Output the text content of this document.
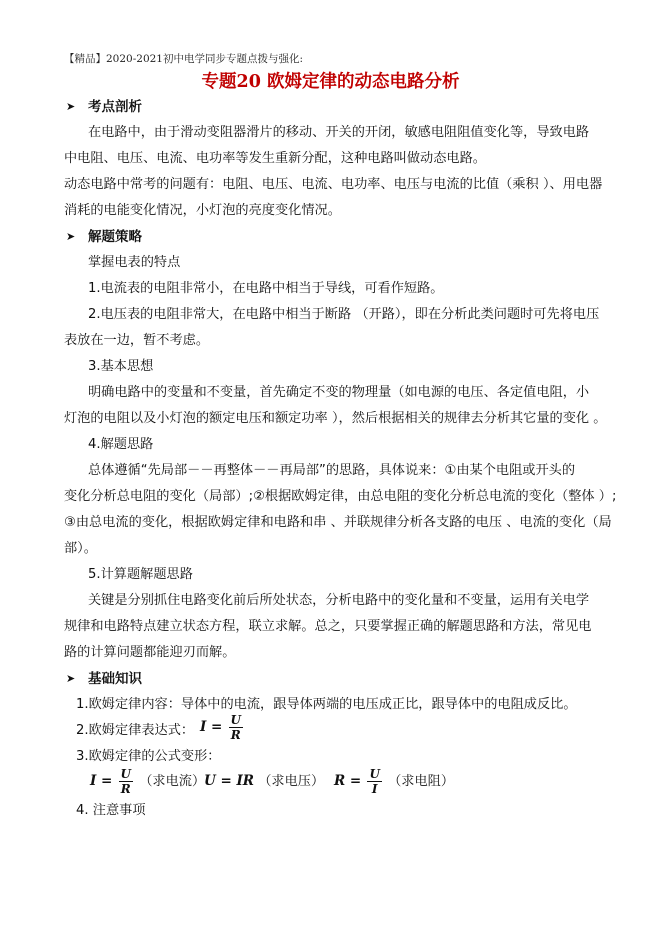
【精品】2020-2021初中电学同步专题点拨与强化:
专题20 欧姆定律的动态电路分析
➤ 考点剖析
在电路中，由于滑动变阻器滑片的移动、开关的开闭，敏感电阻阻值变化等，导致电路
中电阻、电压、电流、电功率等发生重新分配，这种电路叫做动态电路。
动态电路中常考的问题有：电阻、电压、电流、电功率、电压与电流的比值（乘积 ）、用电器
消耗的电能变化情况，小灯泡的亮度变化情况。
➤ 解题策略
掌握电表的特点
1.电流表的电阻非常小，在电路中相当于导线，可看作短路。
2.电压表的电阻非常大，在电路中相当于断路 （开路），即在分析此类问题时可先将电压
表放在一边，暂不考虑。
3.基本思想
明确电路中的变量和不变量，首先确定不变的物理量（如电源的电压、各定值电阻，小
灯泡的电阻以及小灯泡的额定电压和额定功率 ），然后根据相关的规律去分析其它量的变化 。
4.解题思路
总体遵循“先局部－－再整体－－再局部”的思路，具体说来：①由某个电阻或开头的
变化分析总电阻的变化（局部）;②根据欧姆定律，由总电阻的变化分析总电流的变化（整体 ）;
③由总电流的变化，根据欧姆定律和电路和串 、并联规律分析各支路的电压 、电流的变化（局
部）。
5.计算题解题思路
关键是分别抓住电路变化前后所处状态，分析电路中的变化量和不变量，运用有关电学
规律和电路特点建立状态方程，联立求解。总之，只要掌握正确的解题思路和方法，常见电
路的计算问题都能迎刃而解。
➤ 基础知识
1.欧姆定律内容：导体中的电流，跟导体两端的电压成正比，跟导体中的电阻成反比。
2.欧姆定律表达式： $I = \frac{U}{R}$
3.欧姆定律的公式变形：
$I = \frac{U}{R}$ （求电流）
U = IR （求电压） $R = \frac{U}{I}$ （求电阻）
4. 注意事项
